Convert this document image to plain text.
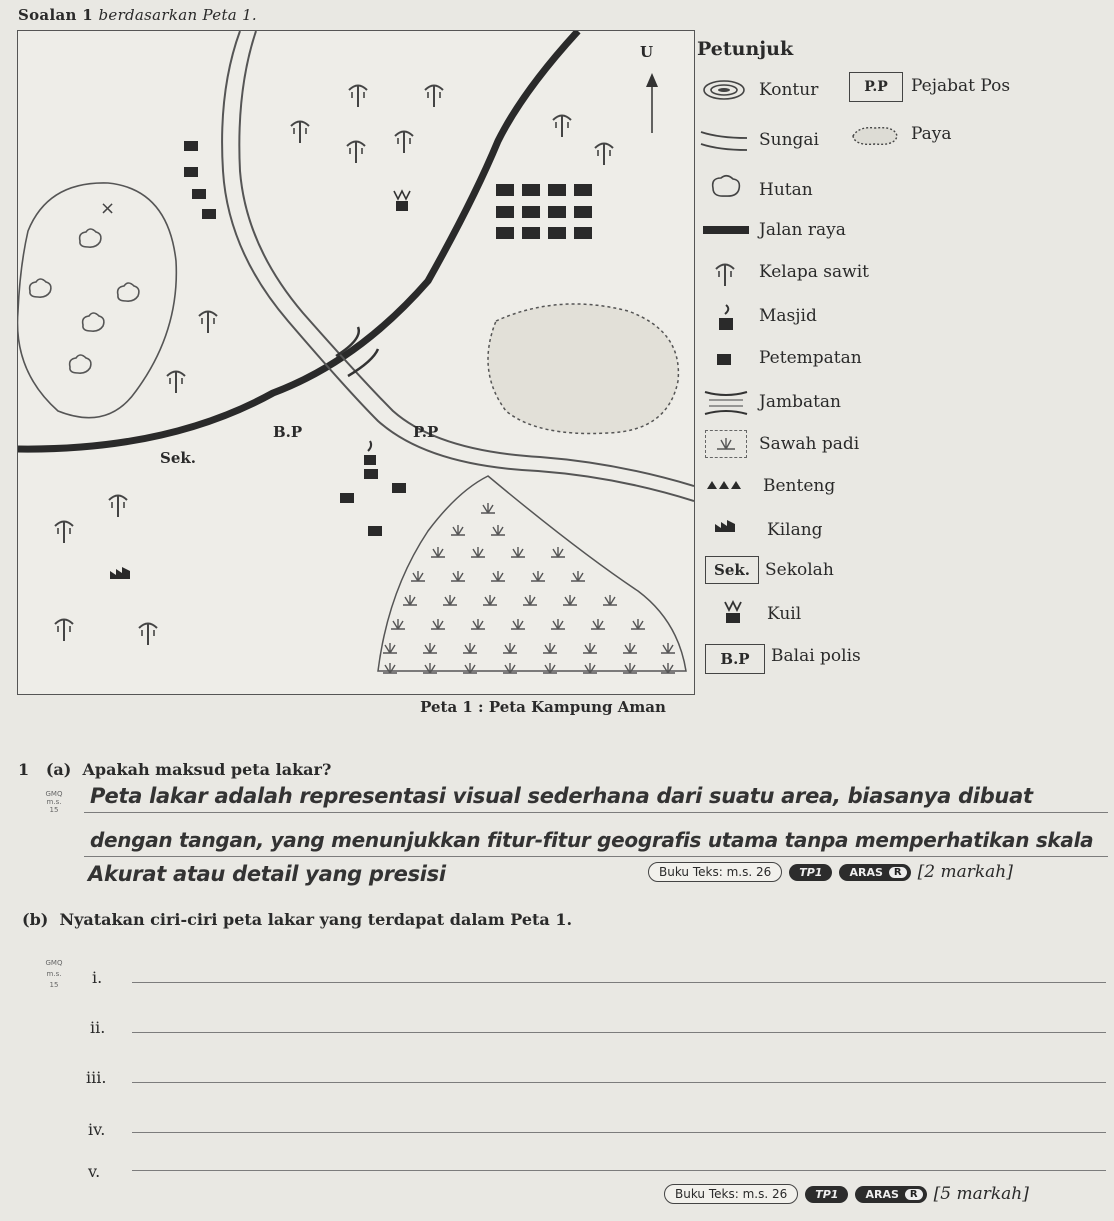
Soalan 1 berdasarkan Peta 1.
×
U
Sek.
B.P	P.P
Petunjuk
Kontur	P.P	Pejabat Pos
Sungai	Paya
Hutan
Jalan raya
Kelapa sawit
Masjid
Petempatan
Jambatan
Sawah padi
Benteng
Kilang
Sek. Sekolah
Kuil
B.P	Balai polis
Peta 1 : Peta Kampung Aman
1 (a) Apakah maksud peta lakar?
GMQ
m.s.
15
Peta lakar adalah representasi visual sederhana dari suatu area, biasanya dibuat
dengan tangan, yang menunjukkan fitur-fitur geografis utama tanpa memperhatikan skala
Akurat atau detail yang presisi	Buku Teks: m.s. 26	TP1	ARAS	R [2 markah]
(b) Nyatakan ciri-ciri peta lakar yang terdapat dalam Peta 1.
GMQ
m.s.
15	i.
ii.
iii.
iv.
v.
Buku Teks: m.s. 26	TP1	ARAS	R [5 markah]
